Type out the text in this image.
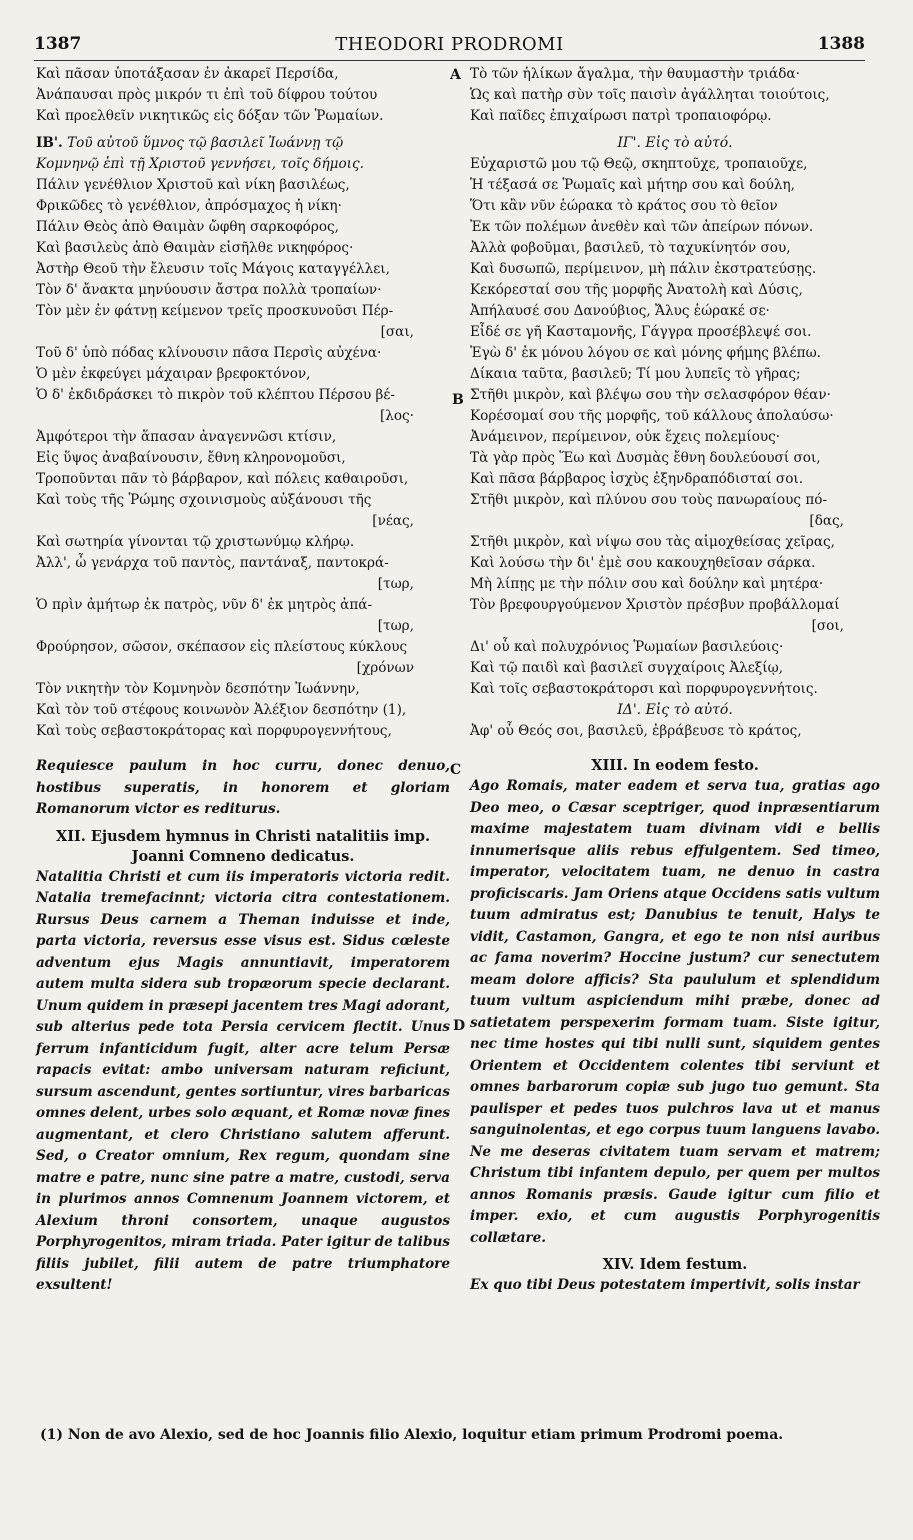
1387	THEODORI PRODROMI	1388
A
B
C
D
Καὶ πᾶσαν ὑποτάξασαν ἐν ἀκαρεῖ Περσίδα,
Ἀνάπαυσαι πρὸς μικρόν τι ἐπὶ τοῦ δίφρου τούτου
Καὶ προελθεῖν νικητικῶς εἰς δόξαν τῶν Ῥωμαίων.
ΙΒ'. Τοῦ αὐτοῦ ὕμνος τῷ βασιλεῖ Ἰωάννῃ τῷ
Κομνηνῷ ἐπὶ τῇ Χριστοῦ γεννήσει, τοῖς δήμοις.
Πάλιν γενέθλιον Χριστοῦ καὶ νίκη βασιλέως,
Φρικῶδες τὸ γενέθλιον, ἀπρόσμαχος ἡ νίκη·
Πάλιν Θεὸς ἀπὸ Θαιμὰν ὤφθη σαρκοφόρος,
Καὶ βασιλεὺς ἀπὸ Θαιμὰν εἰσῆλθε νικηφόρος·
Ἀστὴρ Θεοῦ τὴν ἔλευσιν τοῖς Μάγοις καταγγέλλει,
Τὸν δ' ἄνακτα μηνύουσιν ἄστρα πολλὰ τροπαίων·
Τὸν μὲν ἐν φάτνῃ κείμενον τρεῖς προσκυνοῦσι Πέρ-
[σαι,
Τοῦ δ' ὑπὸ πόδας κλίνουσιν πᾶσα Περσὶς αὐχένα·
Ὁ μὲν ἐκφεύγει μάχαιραν βρεφοκτόνον,
Ὁ δ' ἐκδιδράσκει τὸ πικρὸν τοῦ κλέπτου Πέρσου βέ-
[λος·
Ἀμφότεροι τὴν ἅπασαν ἀναγεννῶσι κτίσιν,
Εἰς ὕψος ἀναβαίνουσιν, ἔθνη κληρονομοῦσι,
Τροποῦνται πᾶν τὸ βάρβαρον, καὶ πόλεις καθαιροῦσι,
Καὶ τοὺς τῆς Ῥώμης σχοινισμοὺς αὐξάνουσι τῆς
[νέας,
Καὶ σωτηρία γίνονται τῷ χριστωνύμῳ κλήρῳ.
Ἀλλ', ὦ γενάρχα τοῦ παντὸς, παντάναξ, παντοκρά-
[τωρ,
Ὁ πρὶν ἀμήτωρ ἐκ πατρὸς, νῦν δ' ἐκ μητρὸς ἀπά-
[τωρ,
Φρούρησον, σῶσον, σκέπασον εἰς πλείστους κύκλους
[χρόνων
Τὸν νικητὴν τὸν Κομνηνὸν δεσπότην Ἰωάννην,
Καὶ τὸν τοῦ στέφους κοινωνὸν Ἀλέξιον δεσπότην (1),
Καὶ τοὺς σεβαστοκράτορας καὶ πορφυρογεννήτους,
Requiesce paulum in hoc curru, donec denuo, hostibus superatis, in honorem et gloriam Romanorum victor es rediturus.
XII. Ejusdem hymnus in Christi natalitiis imp.
Joanni Comneno dedicatus.
Natalitia Christi et cum iis imperatoris victoria redit. Natalia tremefacinnt; victoria citra contestationem. Rursus Deus carnem a Theman induisse et inde, parta victoria, reversus esse visus est. Sidus cœleste adventum ejus Magis annuntiavit, imperatorem autem multa sidera sub tropæorum specie declarant. Unum quidem in præsepi jacentem tres Magi adorant, sub alterius pede tota Persia cervicem flectit. Unus ferrum infanticidum fugit, alter acre telum Persæ rapacis evitat: ambo universam naturam reficiunt, sursum ascendunt, gentes sortiuntur, vires barbaricas omnes delent, urbes solo æquant, et Romæ novæ fines augmentant, et clero Christiano salutem afferunt. Sed, o Creator omnium, Rex regum, quondam sine matre e patre, nunc sine patre a matre, custodi, serva in plurimos annos Comnenum Joannem victorem, et Alexium throni consortem, unaque augustos Porphyrogenitos, miram triada. Pater igitur de talibus filiis jubilet, filii autem de patre triumphatore exsultent!
Τὸ τῶν ἡλίκων ἄγαλμα, τὴν θαυμαστὴν τριάδα·
Ὡς καὶ πατὴρ σὺν τοῖς παισὶν ἀγάλληται τοιούτοις,
Καὶ παῖδες ἐπιχαίρωσι πατρὶ τροπαιοφόρῳ.
ΙΓ'. Εἰς τὸ αὐτό.
Εὐχαριστῶ μου τῷ Θεῷ, σκηπτοῦχε, τροπαιοῦχε,
Ἡ τέξασά σε Ῥωμαῖς καὶ μήτηρ σου καὶ δούλη,
Ὅτι κἂν νῦν ἑώρακα τὸ κράτος σου τὸ θεῖον
Ἐκ τῶν πολέμων ἀνεθὲν καὶ τῶν ἀπείρων πόνων.
Ἀλλὰ φοβοῦμαι, βασιλεῦ, τὸ ταχυκίνητόν σου,
Καὶ δυσωπῶ, περίμεινον, μὴ πάλιν ἐκστρατεύσῃς.
Κεκόρεσταί σου τῆς μορφῆς Ἀνατολὴ καὶ Δύσις,
Ἀπήλαυσέ σου Δανούβιος, Ἄλυς ἑώρακέ σε·
Εἶδέ σε γῆ Κασταμονῆς, Γάγγρα προσέβλεψέ σοι.
Ἐγὼ δ' ἐκ μόνου λόγου σε καὶ μόνης φήμης βλέπω.
Δίκαια ταῦτα, βασιλεῦ; Τί μου λυπεῖς τὸ γῆρας;
Στῆθι μικρὸν, καὶ βλέψω σου τὴν σελασφόρον θέαν·
Κορέσομαί σου τῆς μορφῆς, τοῦ κάλλους ἀπολαύσω·
Ἀνάμεινον, περίμεινον, οὐκ ἔχεις πολεμίους·
Τὰ γὰρ πρὸς Ἕω καὶ Δυσμὰς ἔθνη δουλεύουσί σοι,
Καὶ πᾶσα βάρβαρος ἰσχὺς ἐξηνδραπόδισταί σοι.
Στῆθι μικρὸν, καὶ πλύνου σου τοὺς πανωραίους πό-
[δας,
Στῆθι μικρὸν, καὶ νίψω σου τὰς αἱμοχθείσας χεῖρας,
Καὶ λούσω τὴν δι' ἐμὲ σου κακουχηθεῖσαν σάρκα.
Μὴ λίπῃς με τὴν πόλιν σου καὶ δούλην καὶ μητέρα·
Τὸν βρεφουργούμενον Χριστὸν πρέσβυν προβάλλομαί
[σοι,
Δι' οὗ καὶ πολυχρόνιος Ῥωμαίων βασιλεύοις·
Καὶ τῷ παιδὶ καὶ βασιλεῖ συγχαίροις Ἀλεξίῳ,
Καὶ τοῖς σεβαστοκράτορσι καὶ πορφυρογεννήτοις.
ΙΔ'. Εἰς τὸ αὐτό.
Ἀφ' οὗ Θεός σοι, βασιλεῦ, ἐβράβευσε τὸ κράτος,
XIII. In eodem festo.
Ago Romais, mater eadem et serva tua, gratias ago Deo meo, o Cæsar sceptriger, quod inpræsentiarum maxime majestatem tuam divinam vidi e bellis innumerisque aliis rebus effulgentem. Sed timeo, imperator, velocitatem tuam, ne denuo in castra proficiscaris. Jam Oriens atque Occidens satis vultum tuum admiratus est; Danubius te tenuit, Halys te vidit, Castamon, Gangra, et ego te non nisi auribus ac fama noverim? Hoccine justum? cur senectutem meam dolore afficis? Sta paululum et splendidum tuum vultum aspiciendum mihi præbe, donec ad satietatem perspexerim formam tuam. Siste igitur, nec time hostes qui tibi nulli sunt, siquidem gentes Orientem et Occidentem colentes tibi serviunt et omnes barbarorum copiæ sub jugo tuo gemunt. Sta paulisper et pedes tuos pulchros lava ut et manus sanguinolentas, et ego corpus tuum languens lavabo. Ne me deseras civitatem tuam servam et matrem; Christum tibi infantem depulo, per quem per multos annos Romanis præsis. Gaude igitur cum filio et imper. exio, et cum augustis Porphyrogenitis collætare.
XIV. Idem festum.
Ex quo tibi Deus potestatem impertivit, solis instar
(1) Non de avo Alexio, sed de hoc Joannis filio Alexio, loquitur etiam primum Prodromi poema.
